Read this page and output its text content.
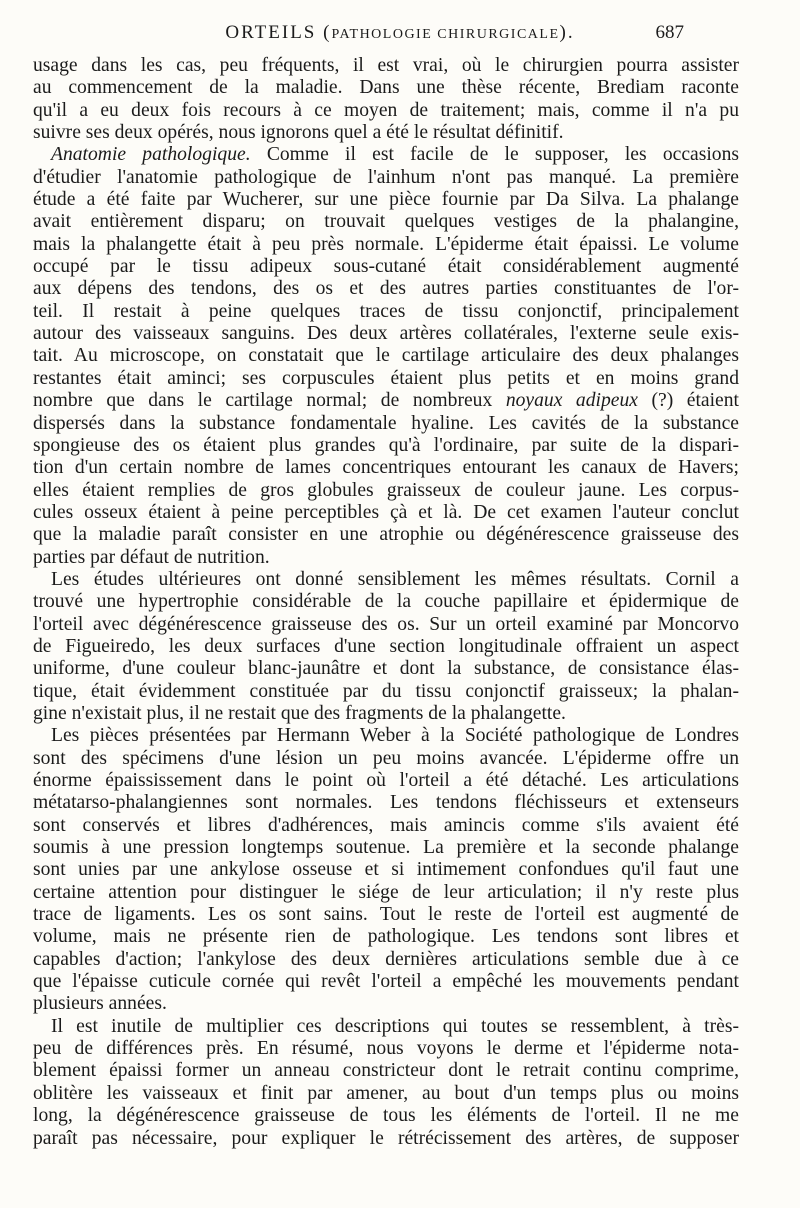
ORTEILS (PATHOLOGIE CHIRURGICALE).	687
usage dans les cas, peu fréquents, il est vrai, où le chirurgien pourra assister
au commencement de la maladie. Dans une thèse récente, Brediam raconte
qu'il a eu deux fois recours à ce moyen de traitement; mais, comme il n'a pu
suivre ses deux opérés, nous ignorons quel a été le résultat définitif.
Anatomie pathologique. Comme il est facile de le supposer, les occasions
d'étudier l'anatomie pathologique de l'ainhum n'ont pas manqué. La première
étude a été faite par Wucherer, sur une pièce fournie par Da Silva. La phalange
avait entièrement disparu; on trouvait quelques vestiges de la phalangine,
mais la phalangette était à peu près normale. L'épiderme était épaissi. Le volume
occupé par le tissu adipeux sous-cutané était considérablement augmenté
aux dépens des tendons, des os et des autres parties constituantes de l'or-
teil. Il restait à peine quelques traces de tissu conjonctif, principalement
autour des vaisseaux sanguins. Des deux artères collatérales, l'externe seule exis-
tait. Au microscope, on constatait que le cartilage articulaire des deux phalanges
restantes était aminci; ses corpuscules étaient plus petits et en moins grand
nombre que dans le cartilage normal; de nombreux noyaux adipeux (?) étaient
dispersés dans la substance fondamentale hyaline. Les cavités de la substance
spongieuse des os étaient plus grandes qu'à l'ordinaire, par suite de la dispari-
tion d'un certain nombre de lames concentriques entourant les canaux de Havers;
elles étaient remplies de gros globules graisseux de couleur jaune. Les corpus-
cules osseux étaient à peine perceptibles çà et là. De cet examen l'auteur conclut
que la maladie paraît consister en une atrophie ou dégénérescence graisseuse des
parties par défaut de nutrition.
Les études ultérieures ont donné sensiblement les mêmes résultats. Cornil a
trouvé une hypertrophie considérable de la couche papillaire et épidermique de
l'orteil avec dégénérescence graisseuse des os. Sur un orteil examiné par Moncorvo
de Figueiredo, les deux surfaces d'une section longitudinale offraient un aspect
uniforme, d'une couleur blanc-jaunâtre et dont la substance, de consistance élas-
tique, était évidemment constituée par du tissu conjonctif graisseux; la phalan-
gine n'existait plus, il ne restait que des fragments de la phalangette.
Les pièces présentées par Hermann Weber à la Société pathologique de Londres
sont des spécimens d'une lésion un peu moins avancée. L'épiderme offre un
énorme épaississement dans le point où l'orteil a été détaché. Les articulations
métatarso-phalangiennes sont normales. Les tendons fléchisseurs et extenseurs
sont conservés et libres d'adhérences, mais amincis comme s'ils avaient été
soumis à une pression longtemps soutenue. La première et la seconde phalange
sont unies par une ankylose osseuse et si intimement confondues qu'il faut une
certaine attention pour distinguer le siége de leur articulation; il n'y reste plus
trace de ligaments. Les os sont sains. Tout le reste de l'orteil est augmenté de
volume, mais ne présente rien de pathologique. Les tendons sont libres et
capables d'action; l'ankylose des deux dernières articulations semble due à ce
que l'épaisse cuticule cornée qui revêt l'orteil a empêché les mouvements pendant
plusieurs années.
Il est inutile de multiplier ces descriptions qui toutes se ressemblent, à très-
peu de différences près. En résumé, nous voyons le derme et l'épiderme nota-
blement épaissi former un anneau constricteur dont le retrait continu comprime,
oblitère les vaisseaux et finit par amener, au bout d'un temps plus ou moins
long, la dégénérescence graisseuse de tous les éléments de l'orteil. Il ne me
paraît pas nécessaire, pour expliquer le rétrécissement des artères, de supposer
